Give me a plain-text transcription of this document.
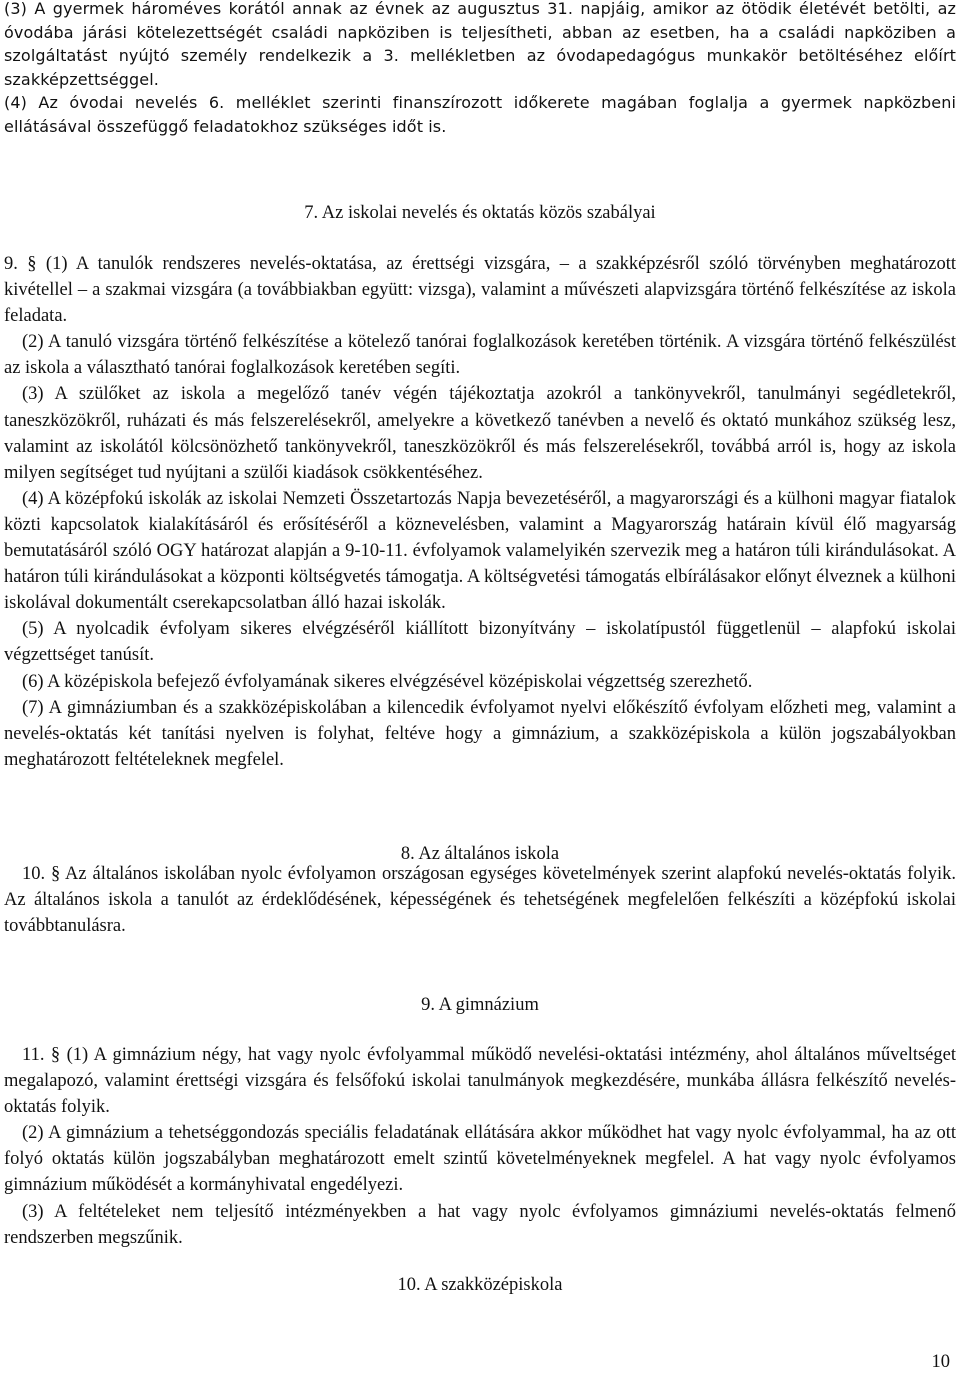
(3) A gyermek hároméves korától annak az évnek az augusztus 31. napjáig, amikor az ötödik életévét betölti, az óvodába járási kötelezettségét családi napköziben is teljesítheti, abban az esetben, ha a családi napköziben a szolgáltatást nyújtó személy rendelkezik a 3. mellékletben az óvodapedagógus munkakör betöltéséhez előírt szakképzettséggel.
(4) Az óvodai nevelés 6. melléklet szerinti finanszírozott időkerete magában foglalja a gyermek napközbeni ellátásával összefüggő feladatokhoz szükséges időt is.

7. Az iskolai nevelés és oktatás közös szabályai

9. § (1) A tanulók rendszeres nevelés-oktatása, az érettségi vizsgára, – a szakképzésről szóló törvényben meghatározott kivétellel – a szakmai vizsgára (a továbbiakban együtt: vizsga), valamint a művészeti alapvizsgára történő felkészítése az iskola feladata.
(2) A tanuló vizsgára történő felkészítése a kötelező tanórai foglalkozások keretében történik. A vizsgára történő felkészülést az iskola a választható tanórai foglalkozások keretében segíti.
(3) A szülőket az iskola a megelőző tanév végén tájékoztatja azokról a tankönyvekről, tanulmányi segédletekről, taneszközökről, ruházati és más felszerelésekről, amelyekre a következő tanévben a nevelő és oktató munkához szükség lesz, valamint az iskolától kölcsönözhető tankönyvekről, taneszközökről és más felszerelésekről, továbbá arról is, hogy az iskola milyen segítséget tud nyújtani a szülői kiadások csökkentéséhez.
(4) A középfokú iskolák az iskolai Nemzeti Összetartozás Napja bevezetéséről, a magyarországi és a külhoni magyar fiatalok közti kapcsolatok kialakításáról és erősítéséről a köznevelésben, valamint a Magyarország határain kívül élő magyarság bemutatásáról szóló OGY határozat alapján a 9-10-11. évfolyamok valamelyikén szervezik meg a határon túli kirándulásokat. A határon túli kirándulásokat a központi költségvetés támogatja. A költségvetési támogatás elbírálásakor előnyt élveznek a külhoni iskolával dokumentált cserekapcsolatban álló hazai iskolák.
(5) A nyolcadik évfolyam sikeres elvégzéséről kiállított bizonyítvány – iskolatípustól függetlenül – alapfokú iskolai végzettséget tanúsít.
(6) A középiskola befejező évfolyamának sikeres elvégzésével középiskolai végzettség szerezhető.
(7) A gimnáziumban és a szakközépiskolában a kilencedik évfolyamot nyelvi előkészítő évfolyam előzheti meg, valamint a nevelés-oktatás két tanítási nyelven is folyhat, feltéve hogy a gimnázium, a szakközépiskola a külön jogszabályokban meghatározott feltételeknek megfelel.

8. Az általános iskola

10. § Az általános iskolában nyolc évfolyamon országosan egységes követelmények szerint alapfokú nevelés-oktatás folyik. Az általános iskola a tanulót az érdeklődésének, képességének és tehetségének megfelelően felkészíti a középfokú iskolai továbbtanulásra.

9. A gimnázium

11. § (1) A gimnázium négy, hat vagy nyolc évfolyammal működő nevelési-oktatási intézmény, ahol általános műveltséget megalapozó, valamint érettségi vizsgára és felsőfokú iskolai tanulmányok megkezdésére, munkába állásra felkészítő nevelés-oktatás folyik.
(2) A gimnázium a tehetséggondozás speciális feladatának ellátására akkor működhet hat vagy nyolc évfolyammal, ha az ott folyó oktatás külön jogszabályban meghatározott emelt szintű követelményeknek megfelel. A hat vagy nyolc évfolyamos gimnázium működését a kormányhivatal engedélyezi.
(3) A feltételeket nem teljesítő intézményekben a hat vagy nyolc évfolyamos gimnáziumi nevelés-oktatás felmenő rendszerben megszűnik.

10. A szakközépiskola

10
